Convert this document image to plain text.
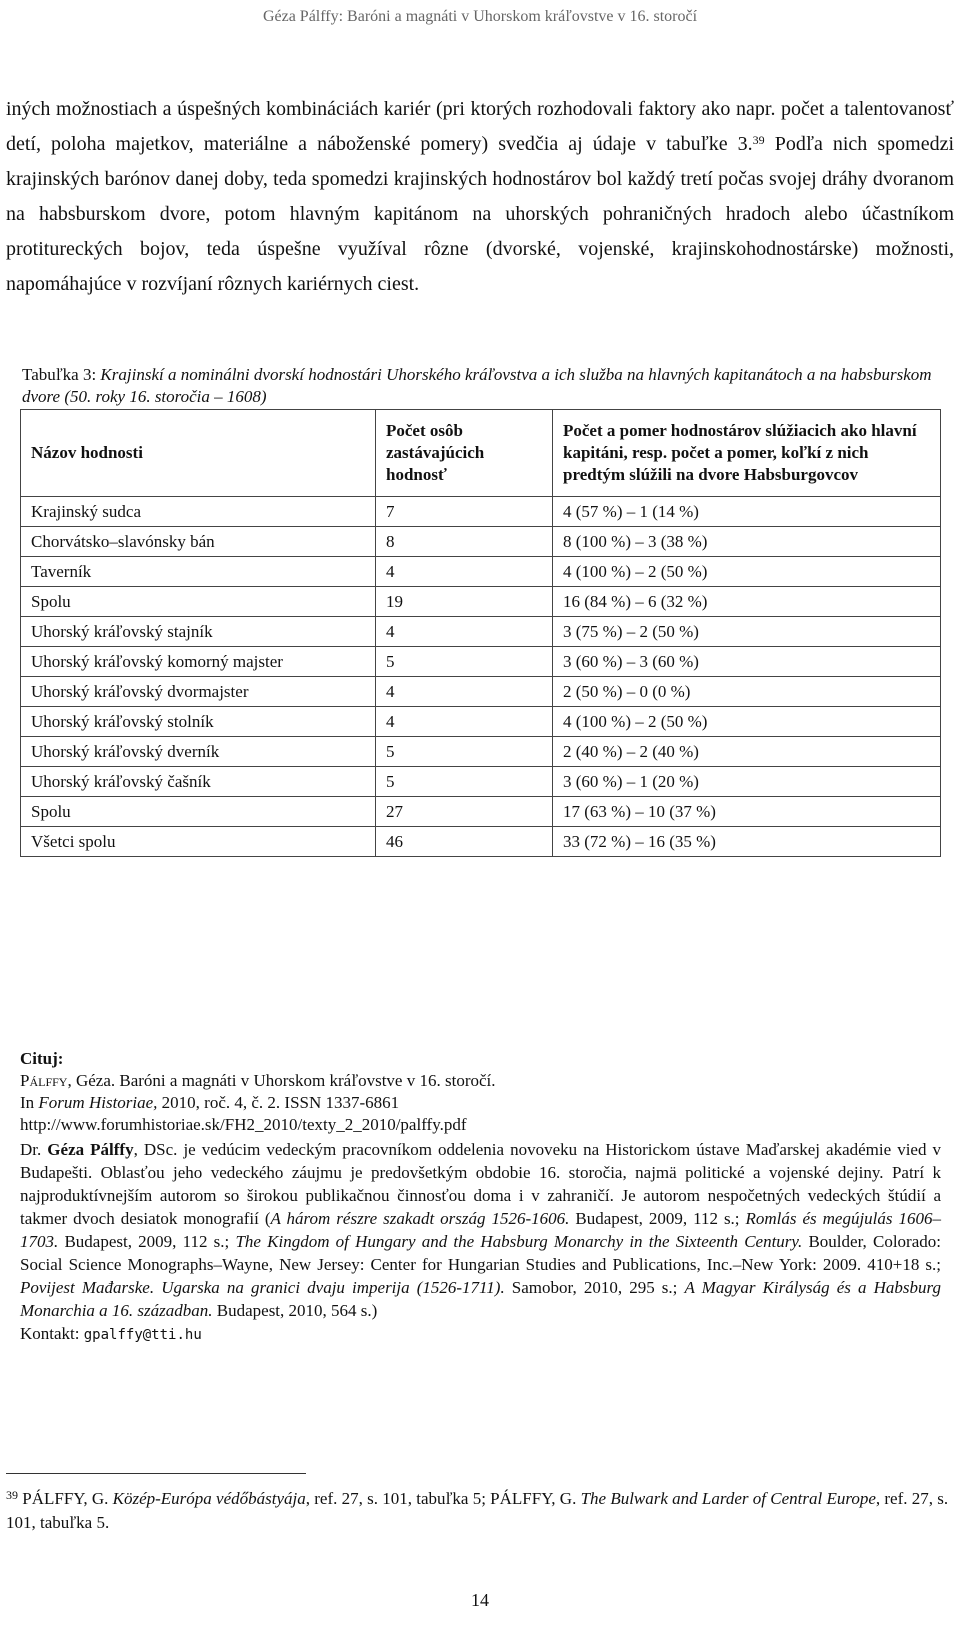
Géza Pálffy: Baróni a magnáti v Uhorskom kráľovstve v 16. storočí
iných možnostiach a úspešných kombináciách kariér (pri ktorých rozhodovali faktory ako napr. počet a talentovanosť detí, poloha majetkov, materiálne a náboženské pomery) svedčia aj údaje v tabuľke 3.39 Podľa nich spomedzi krajinských barónov danej doby, teda spomedzi krajinských hodnostárov bol každý tretí počas svojej dráhy dvoranom na habsburskom dvore, potom hlavným kapitánom na uhorských pohraničných hradoch alebo účastníkom protitureckých bojov, teda úspešne využíval rôzne (dvorské, vojenské, krajinskohodnostárske) možnosti, napomáhajúce v rozvíjaní rôznych kariérnych ciest.
Tabuľka 3: Krajinskí a nominálni dvorskí hodnostári Uhorského kráľovstva a ich služba na hlavných kapitanátoch a na habsburskom dvore (50. roky 16. storočia – 1608)
Názov hodnosti	Počet osôb zastávajúcich hodnosť	Počet a pomer hodnostárov slúžiacich ako hlavní kapitáni, resp. počet a pomer, koľkí z nich predtým slúžili na dvore Habsburgovcov
Krajinský sudca	7	4 (57 %) – 1 (14 %)
Chorvátsko–slavónsky bán	8	8 (100 %) – 3 (38 %)
Taverník	4	4 (100 %) – 2 (50 %)
Spolu	19	16 (84 %) – 6 (32 %)
Uhorský kráľovský stajník	4	3 (75 %) – 2 (50 %)
Uhorský kráľovský komorný majster	5	3 (60 %) – 3 (60 %)
Uhorský kráľovský dvormajster	4	2 (50 %) – 0 (0 %)
Uhorský kráľovský stolník	4	4 (100 %) – 2 (50 %)
Uhorský kráľovský dverník	5	2 (40 %) – 2 (40 %)
Uhorský kráľovský čašník	5	3 (60 %) – 1 (20 %)
Spolu	27	17 (63 %) – 10 (37 %)
Všetci spolu	46	33 (72 %) – 16 (35 %)
Cituj:
Pálffy, Géza. Baróni a magnáti v Uhorskom kráľovstve v 16. storočí.
In Forum Historiae, 2010, roč. 4, č. 2. ISSN 1337-6861
http://www.forumhistoriae.sk/FH2_2010/texty_2_2010/palffy.pdf
Dr. Géza Pálffy, DSc. je vedúcim vedeckým pracovníkom oddelenia novoveku na Historickom ústave Maďarskej akadémie vied v Budapešti. Oblasťou jeho vedeckého záujmu je predovšetkým obdobie 16. storočia, najmä politické a vojenské dejiny. Patrí k najproduktívnejším autorom so širokou publikačnou činnosťou doma i v zahraničí. Je autorom nespočetných vedeckých štúdií a takmer dvoch desiatok monografií (A három részre szakadt ország 1526-1606. Budapest, 2009, 112 s.; Romlás és megújulás 1606–1703. Budapest, 2009, 112 s.; The Kingdom of Hungary and the Habsburg Monarchy in the Sixteenth Century. Boulder, Colorado: Social Science Monographs–Wayne, New Jersey: Center for Hungarian Studies and Publications, Inc.–New York: 2009. 410+18 s.; Povijest Mađarske. Ugarska na granici dvaju imperija (1526-1711). Samobor, 2010, 295 s.; A Magyar Királyság és a Habsburg Monarchia a 16. században. Budapest, 2010, 564 s.)
Kontakt: gpalffy@tti.hu
$^{39}$ PÁLFFY, G. Közép-Európa védőbástyája, ref. 27, s. 101, tabuľka 5; PÁLFFY, G. The Bulwark and Larder of Central Europe, ref. 27, s. 101, tabuľka 5.
14
